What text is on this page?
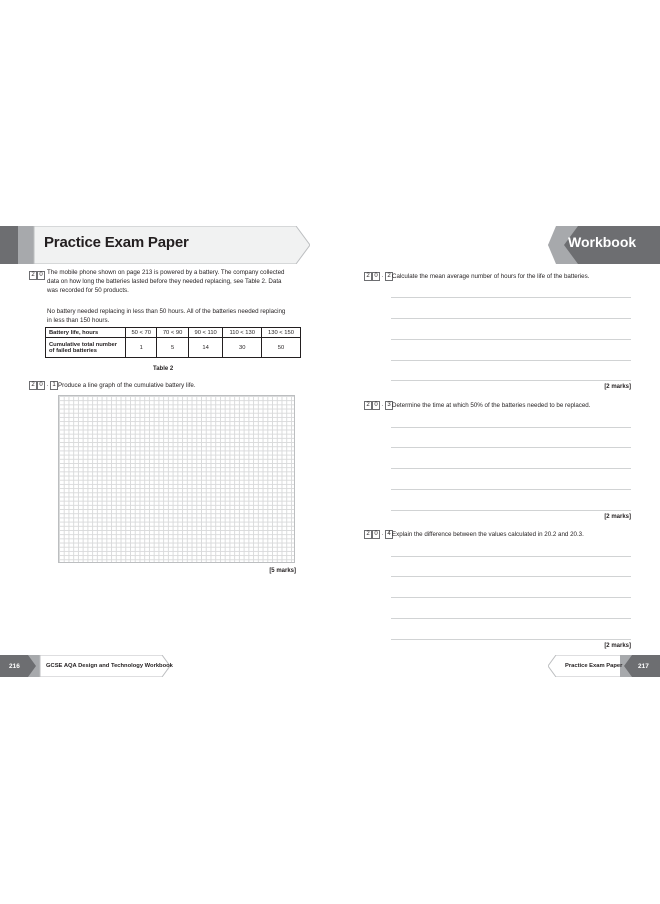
Practice Exam Paper	Workbook
2 0 The mobile phone shown on page 213 is powered by a battery. The company collected
data on how long the batteries lasted before they needed replacing, see Table 2. Data
was recorded for 50 products.
No battery needed replacing in less than 50 hours. All of the batteries needed replacing
in less than 150 hours.
Battery life, hours	50 < 70	70 < 90	90 < 110	110 < 130	130 < 150
Cumulative total number of failed batteries	1	5	14	30	50
Table 2
2 0 · 1 Produce a line graph of the cumulative battery life.
[5 marks]
2 0 · 2 Calculate the mean average number of hours for the life of the batteries.
[2 marks]
2 0 · 3 Determine the time at which 50% of the batteries needed to be replaced.
[2 marks]
2 0 · 4 Explain the difference between the values calculated in 20.2 and 20.3.
[2 marks]
216	GCSE AQA Design and Technology Workbook	Practice Exam Paper 217
